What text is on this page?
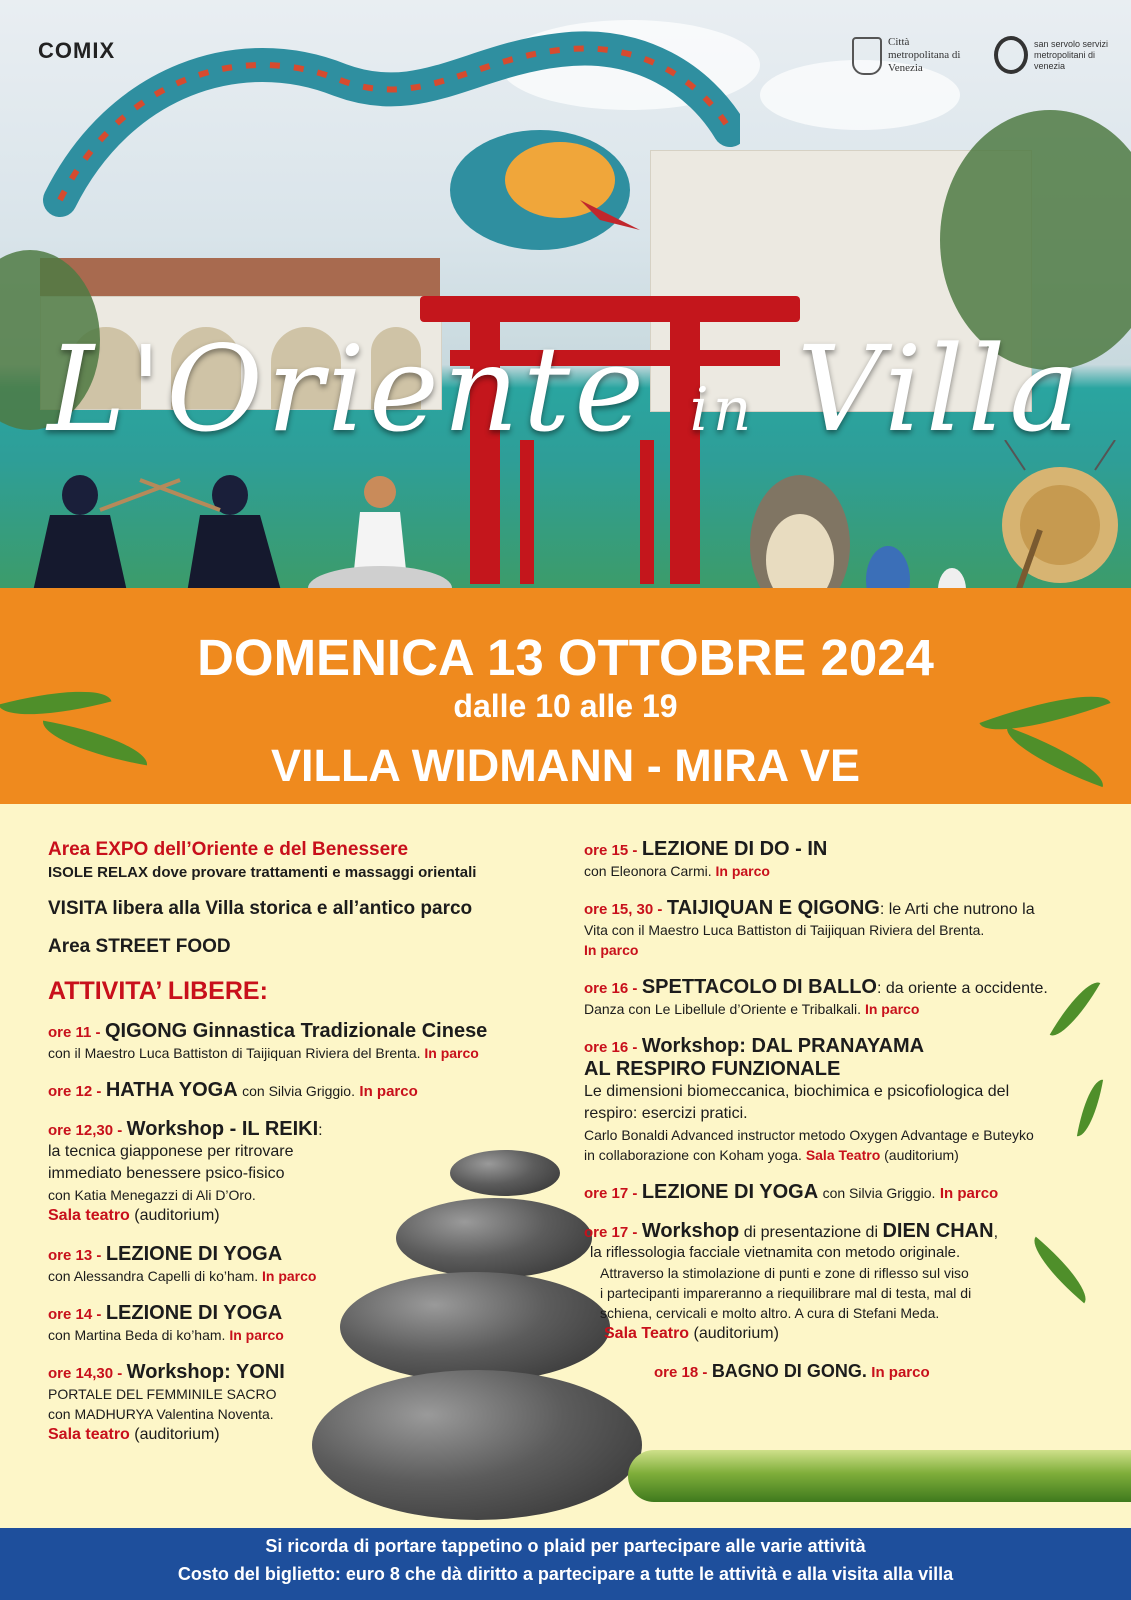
L'Oriente in Villa
COMIX	Città metropolitana di Venezia
san servolo servizi metropolitani di venezia
DOMENICA 13 OTTOBRE 2024
dalle 10 alle 19
VILLA WIDMANN - MIRA VE

Area EXPO dell’Oriente e del Benessere

ISOLE RELAX dove provare trattamenti e massaggi orientali

VISITA libera alla Villa storica e all’antico parco

Area STREET FOOD

ATTIVITA’ LIBERE:
ore 11 - QIGONG Ginnastica Tradizionale Cinese

con il Maestro Luca Battiston di Taijiquan Riviera del Brenta. In parco

ore 12 - HATHA YOGA con Silvia Griggio. In parco
ore 12,30 - Workshop - IL REIKI:

la tecnica giapponese per ritrovare

immediato benessere psico-fisico

con Katia Menegazzi di Ali D’Oro.

Sala teatro (auditorium)

ore 13 - LEZIONE DI YOGA

con Alessandra Capelli di ko’ham. In parco

ore 14 - LEZIONE DI YOGA

con Martina Beda di ko’ham. In parco

ore 14,30 - Workshop: YONI

PORTALE DEL FEMMINILE SACRO

con MADHURYA Valentina Noventa.

Sala teatro (auditorium)

ore 15 - LEZIONE DI DO - IN

con Eleonora Carmi. In parco

ore 15, 30 - TAIJIQUAN E QIGONG: le Arti che nutrono la

Vita con il Maestro Luca Battiston di Taijiquan Riviera del Brenta.

In parco

ore 16 - SPETTACOLO DI BALLO: da oriente a occidente.

Danza con Le Libellule d’Oriente e Tribalkali. In parco

ore 16 - Workshop: DAL PRANAYAMA
AL RESPIRO FUNZIONALE

Le dimensioni biomeccanica, biochimica e psicofiologica del

respiro: esercizi pratici.

Carlo Bonaldi Advanced instructor metodo Oxygen Advantage e Buteyko

in collaborazione con Koham yoga. Sala Teatro (auditorium)

ore 17 - LEZIONE DI YOGA con Silvia Griggio. In parco
ore 17 - Workshop di presentazione di DIEN CHAN,

la riflessologia facciale vietnamita con metodo originale.

Attraverso la stimolazione di punti e zone di riflesso sul viso

i partecipanti impareranno a riequilibrare mal di testa, mal di

schiena, cervicali e molto altro. A cura di Stefani Meda.

Sala Teatro (auditorium)

ore 18 - BAGNO DI GONG. In parco
Si ricorda di portare tappetino o plaid per partecipare alle varie attività
Costo del biglietto: euro 8 che dà diritto a partecipare a tutte le attività e alla visita alla villa
